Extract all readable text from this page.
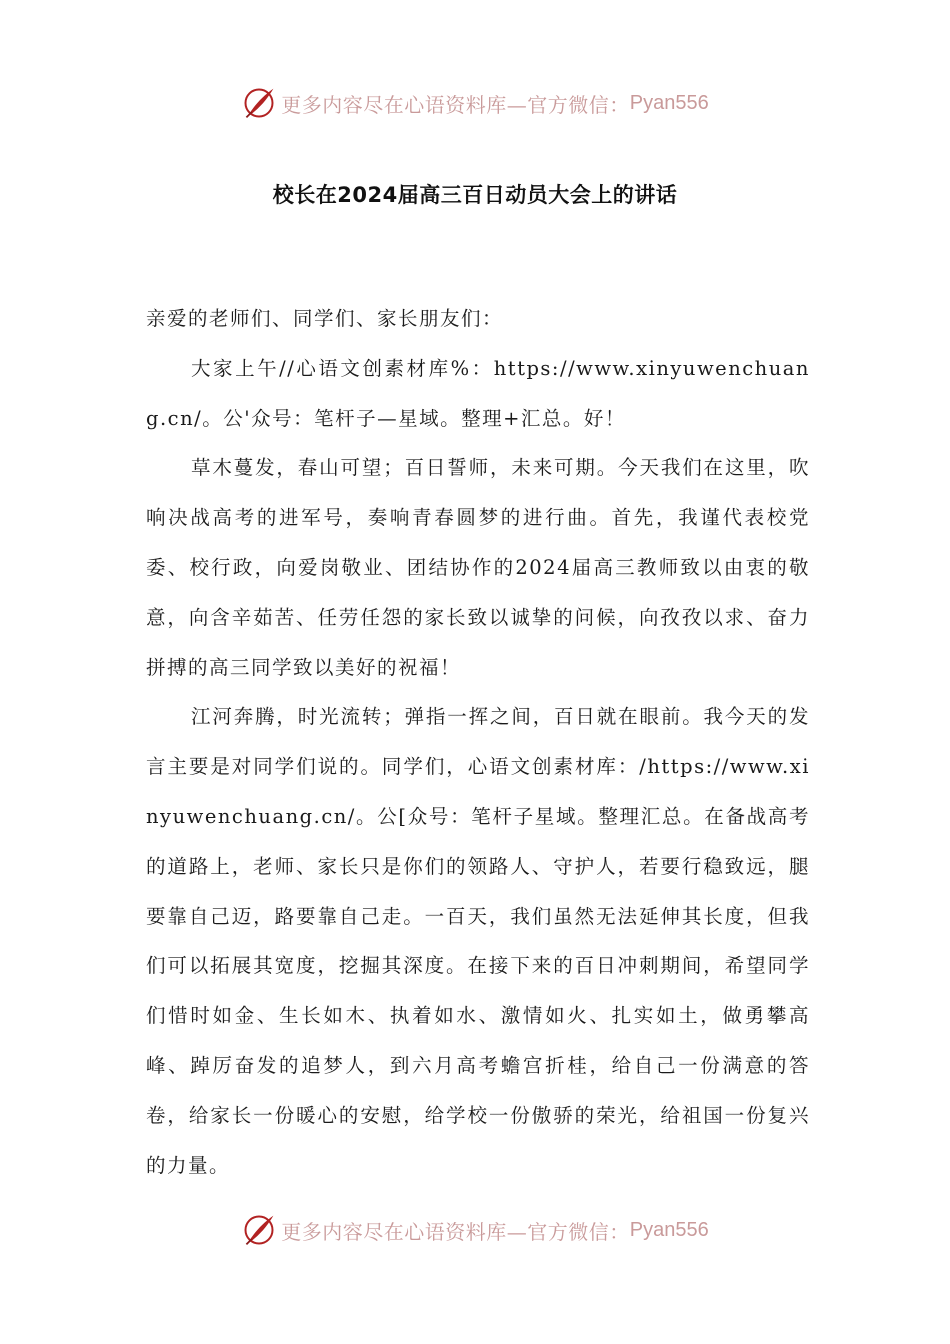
更多内容尽在心语资料库—官方微信： Pyan556
校长在2024届高三百日动员大会上的讲话

亲爱的老师们、同学们、家长朋友们：

大家上午//心语文创素材库%：https://www.xinyuwenchuang.cn/。公'众号：笔杆子—星域。整理+汇总。好！

草木蔓发，春山可望；百日誓师，未来可期。今天我们在这里，吹响决战高考的进军号，奏响青春圆梦的进行曲。首先，我谨代表校党委、校行政，向爱岗敬业、团结协作的2024届高三教师致以由衷的敬意，向含辛茹苦、任劳任怨的家长致以诚挚的问候，向孜孜以求、奋力拼搏的高三同学致以美好的祝福！

江河奔腾，时光流转；弹指一挥之间，百日就在眼前。我今天的发言主要是对同学们说的。同学们，心语文创素材库：/https://www.xinyuwenchuang.cn/。公[众号：笔杆子星域。整理汇总。在备战高考的道路上，老师、家长只是你们的领路人、守护人，若要行稳致远，腿要靠自己迈，路要靠自己走。一百天，我们虽然无法延伸其长度，但我们可以拓展其宽度，挖掘其深度。在接下来的百日冲刺期间，希望同学们惜时如金、生长如木、执着如水、激情如火、扎实如土，做勇攀高峰、踔厉奋发的追梦人，到六月高考蟾宫折桂，给自己一份满意的答卷，给家长一份暖心的安慰，给学校一份傲骄的荣光，给祖国一份复兴的力量。

更多内容尽在心语资料库—官方微信： Pyan556
